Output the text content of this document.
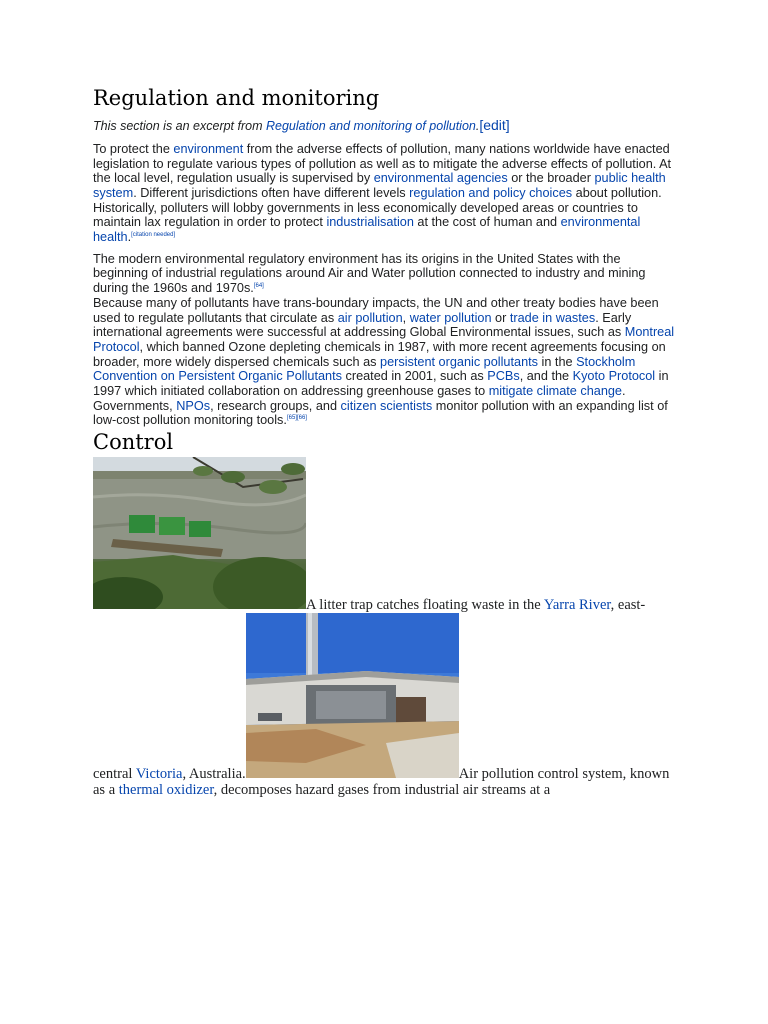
Regulation and monitoring
This section is an excerpt from Regulation and monitoring of pollution.[edit]

To protect the environment from the adverse effects of pollution, many nations worldwide have enacted legislation to regulate various types of pollution as well as to mitigate the adverse effects of pollution. At the local level, regulation usually is supervised by environmental agencies or the broader public health system. Different jurisdictions often have different levels regulation and policy choices about pollution. Historically, polluters will lobby governments in less economically developed areas or countries to maintain lax regulation in order to protect industrialisation at the cost of human and environmental health.[citation needed]

The modern environmental regulatory environment has its origins in the United States with the beginning of industrial regulations around Air and Water pollution connected to industry and mining during the 1960s and 1970s.[64]

Because many of pollutants have trans-boundary impacts, the UN and other treaty bodies have been used to regulate pollutants that circulate as air pollution, water pollution or trade in wastes. Early international agreements were successful at addressing Global Environmental issues, such as Montreal Protocol, which banned Ozone depleting chemicals in 1987, with more recent agreements focusing on broader, more widely dispersed chemicals such as persistent organic pollutants in the Stockholm Convention on Persistent Organic Pollutants created in 2001, such as PCBs, and the Kyoto Protocol in 1997 which initiated collaboration on addressing greenhouse gases to mitigate climate change. Governments, NPOs, research groups, and citizen scientists monitor pollution with an expanding list of low-cost pollution monitoring tools.[65][66]

Control
A litter trap catches floating waste in the Yarra River, east-central Victoria, Australia.	Air pollution control system, known as a thermal oxidizer, decomposes hazard gases from industrial air streams at a
